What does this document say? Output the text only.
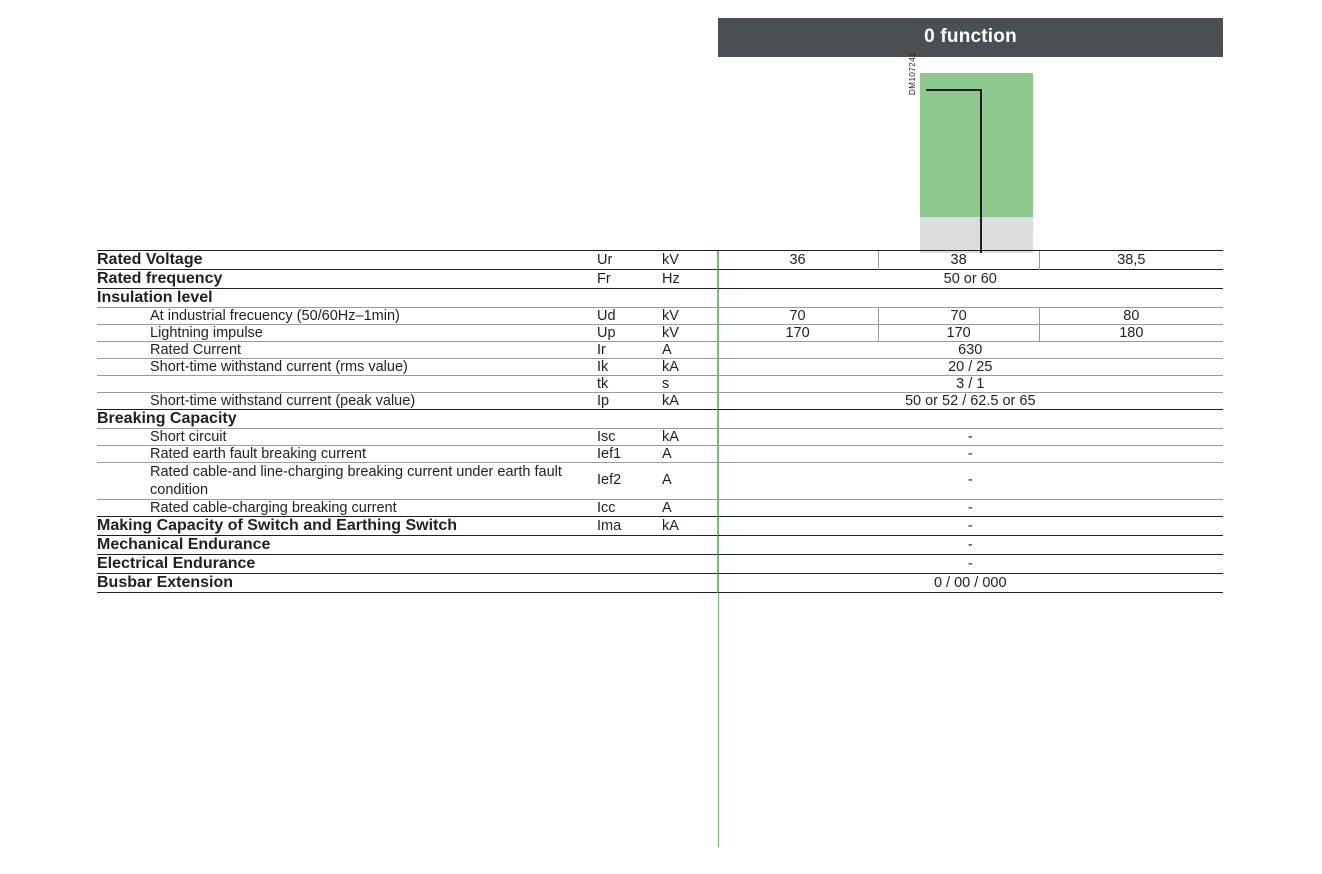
0 function
DM107241
Rated Voltage	Ur	kV	36	38	38,5
Rated frequency	Fr	Hz	50 or 60		
Insulation level					
At industrial frecuency (50/60Hz–1min)	Ud	kV	70	70	80
Lightning impulse	Up	kV	170	170	180
Rated Current	Ir	A	630		
Short-time withstand current (rms value)	Ik	kA	20 / 25		
	tk	s	3 / 1		
Short-time withstand current (peak value)	Ip	kA	50 or 52 / 62.5 or 65		
Breaking Capacity					
Short circuit	Isc	kA	-		
Rated earth fault breaking current	Ief1	A	-		
Rated cable-and line-charging breaking current under earth fault condition	Ief2	A	-		
Rated cable-charging breaking current	Icc	A	-		
Making Capacity of Switch and Earthing Switch	Ima	kA	-		
Mechanical Endurance			-		
Electrical Endurance			-		
Busbar Extension			0 / 00 / 000		
